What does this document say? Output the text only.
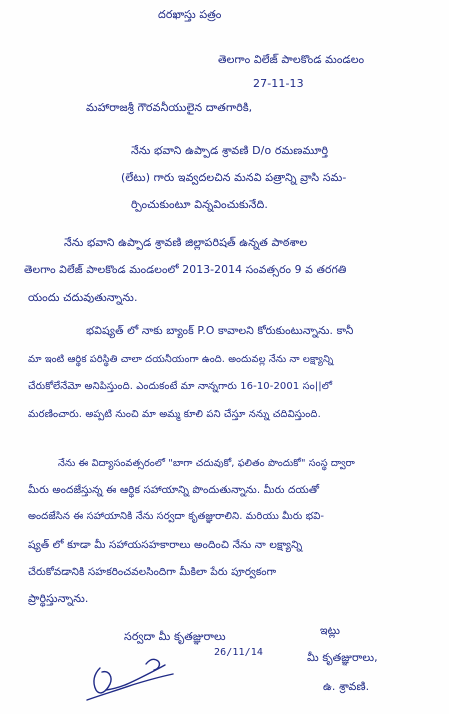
దరఖాస్తు పత్రం
తెలగాం విలేజ్ పాలకొండ మండలం
27-11-13
మహారాజశ్రీ గౌరవనీయులైన దాతగారికి,
నేను భవాని ఉప్పాడ శ్రావణి D/o రమణమూర్తి
(లేటు) గారు ఇవ్వదలచిన మనవి పత్రాన్ని వ్రాసి సమ-
ర్పించుకుంటూ విన్నవించుకునేది.
నేను భవాని ఉప్పాడ శ్రావణి జిల్లాపరిషత్ ఉన్నత పాఠశాల
తెలగాం విలేజ్ పాలకొండ మండలంలో 2013-2014 సంవత్సరం 9 వ తరగతి
యందు చదువుతున్నాను.
భవిష్యత్ లో నాకు బ్యాంక్ P.O కావాలని కోరుకుంటున్నాను. కానీ
మా ఇంటి ఆర్థిక పరిస్థితి చాలా దయనీయంగా ఉంది. అందువల్ల నేను నా లక్ష్యాన్ని
చేరుకోలేనేమో అనిపిస్తుంది. ఎందుకంటే మా నాన్నగారు 16-10-2001 సం||లో
మరణించారు. అప్పటి నుంచి మా అమ్మ కూలి పని చేస్తూ నన్ను చదివిస్తుంది.
నేను ఈ విద్యాసంవత్సరంలో "బాగా చదువుకో, ఫలితం పొందుకో" సంస్థ ద్వారా
మీరు అందజేస్తున్న ఈ ఆర్థిక సహాయాన్ని పొందుతున్నాను. మీరు దయతో
అందజేసిన ఈ సహాయానికి నేను సర్వదా కృతజ్ఞురాలిని. మరియు మీరు భవి-
ష్యత్ లో కూడా మీ సహాయసహకారాలు అందించి నేను నా లక్ష్యాన్ని
చేరుకోవడానికి సహకరించవలసిందిగా మీకిలా పేరు పూర్వకంగా
ప్రార్థిస్తున్నాను.
సర్వదా మీ కృతజ్ఞురాలు	ఇట్లు
26/11/14	మీ కృతజ్ఞురాలు,
ఉ. శ్రావణి.
